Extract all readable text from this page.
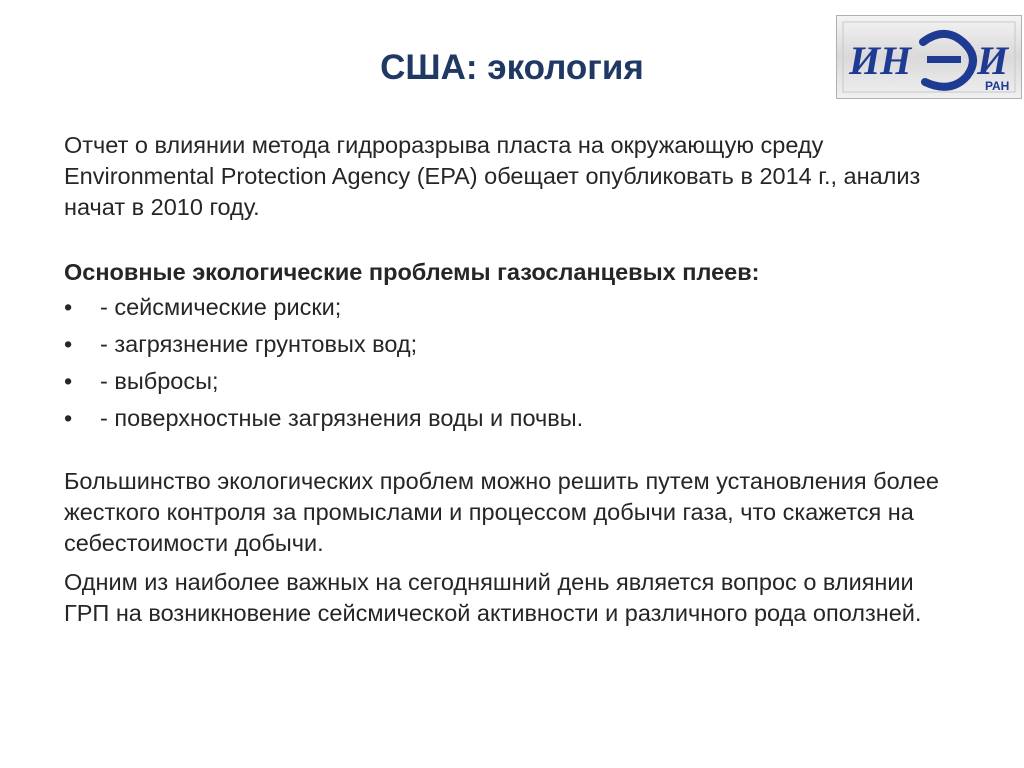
США: экология	ИН И
РАН

Отчет о влиянии метода гидроразрыва пласта на окружающую среду Environmental Protection Agency (EPA) обещает опубликовать в 2014 г., анализ начат в 2010 году.

Основные экологические проблемы газосланцевых плеев:

•	- сейсмические риски;
•	- загрязнение грунтовых вод;
•	- выбросы;
•	- поверхностные загрязнения воды и почвы.

Большинство экологических проблем можно решить путем установления более жесткого контроля за промыслами и процессом добычи газа, что скажется на себестоимости добычи.

Одним из наиболее важных на сегодняшний день является вопрос о влиянии ГРП на возникновение сейсмической активности и различного рода оползней.
